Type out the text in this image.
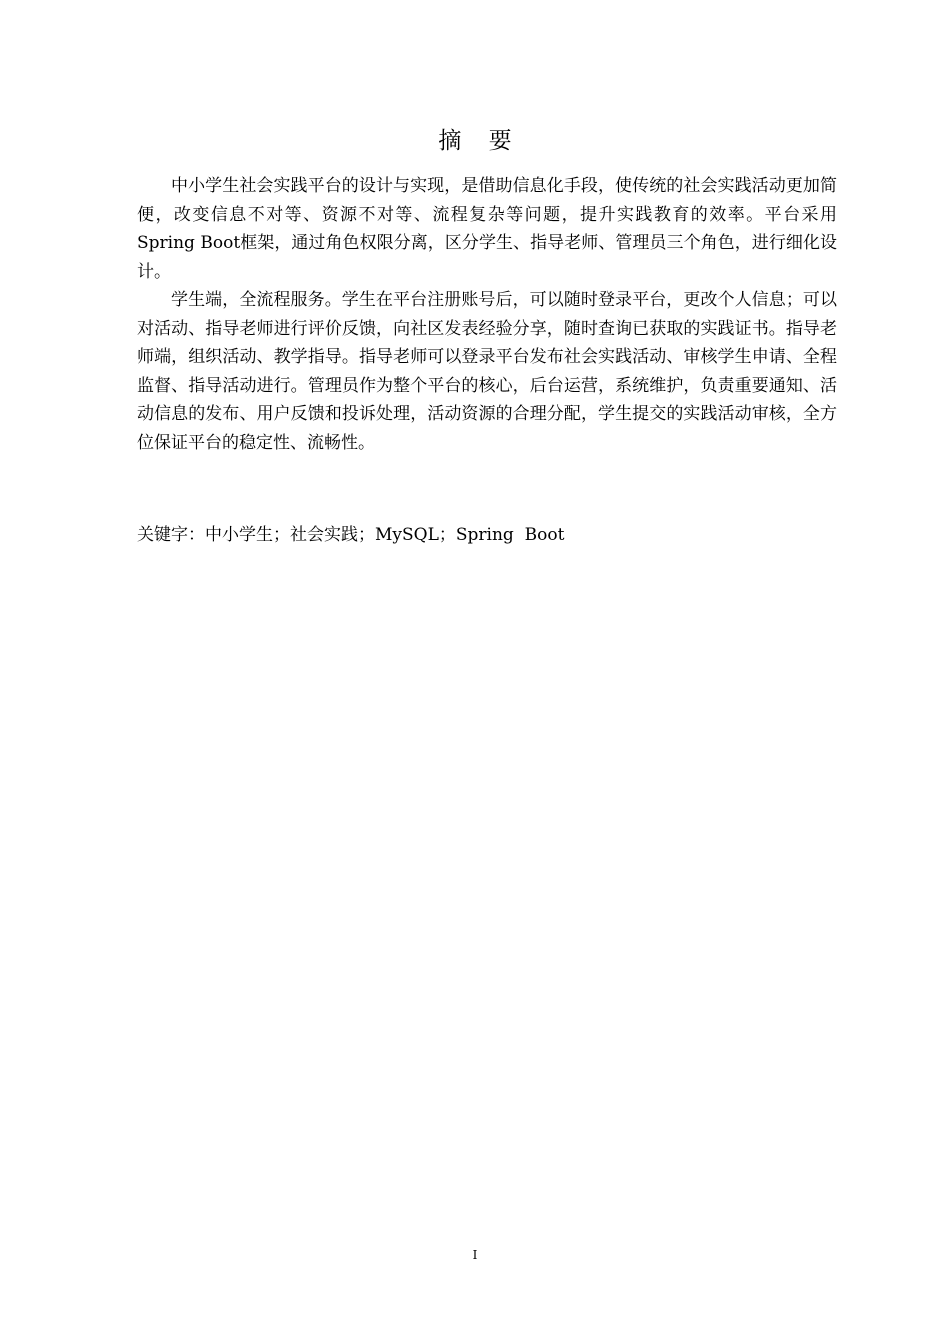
摘 要

中小学生社会实践平台的设计与实现，是借助信息化手段，使传统的社会实践活动更加简便，改变信息不对等、资源不对等、流程复杂等问题，提升实践教育的效率。平台采用Spring Boot框架，通过角色权限分离，区分学生、指导老师、管理员三个角色，进行细化设计。

学生端，全流程服务。学生在平台注册账号后，可以随时登录平台，更改个人信息；可以对活动、指导老师进行评价反馈，向社区发表经验分享，随时查询已获取的实践证书。指导老师端，组织活动、教学指导。指导老师可以登录平台发布社会实践活动、审核学生申请、全程监督、指导活动进行。管理员作为整个平台的核心，后台运营，系统维护，负责重要通知、活动信息的发布、用户反馈和投诉处理，活动资源的合理分配，学生提交的实践活动审核，全方位保证平台的稳定性、流畅性。

关键字：中小学生；社会实践；MySQL；Spring  Boot
I
